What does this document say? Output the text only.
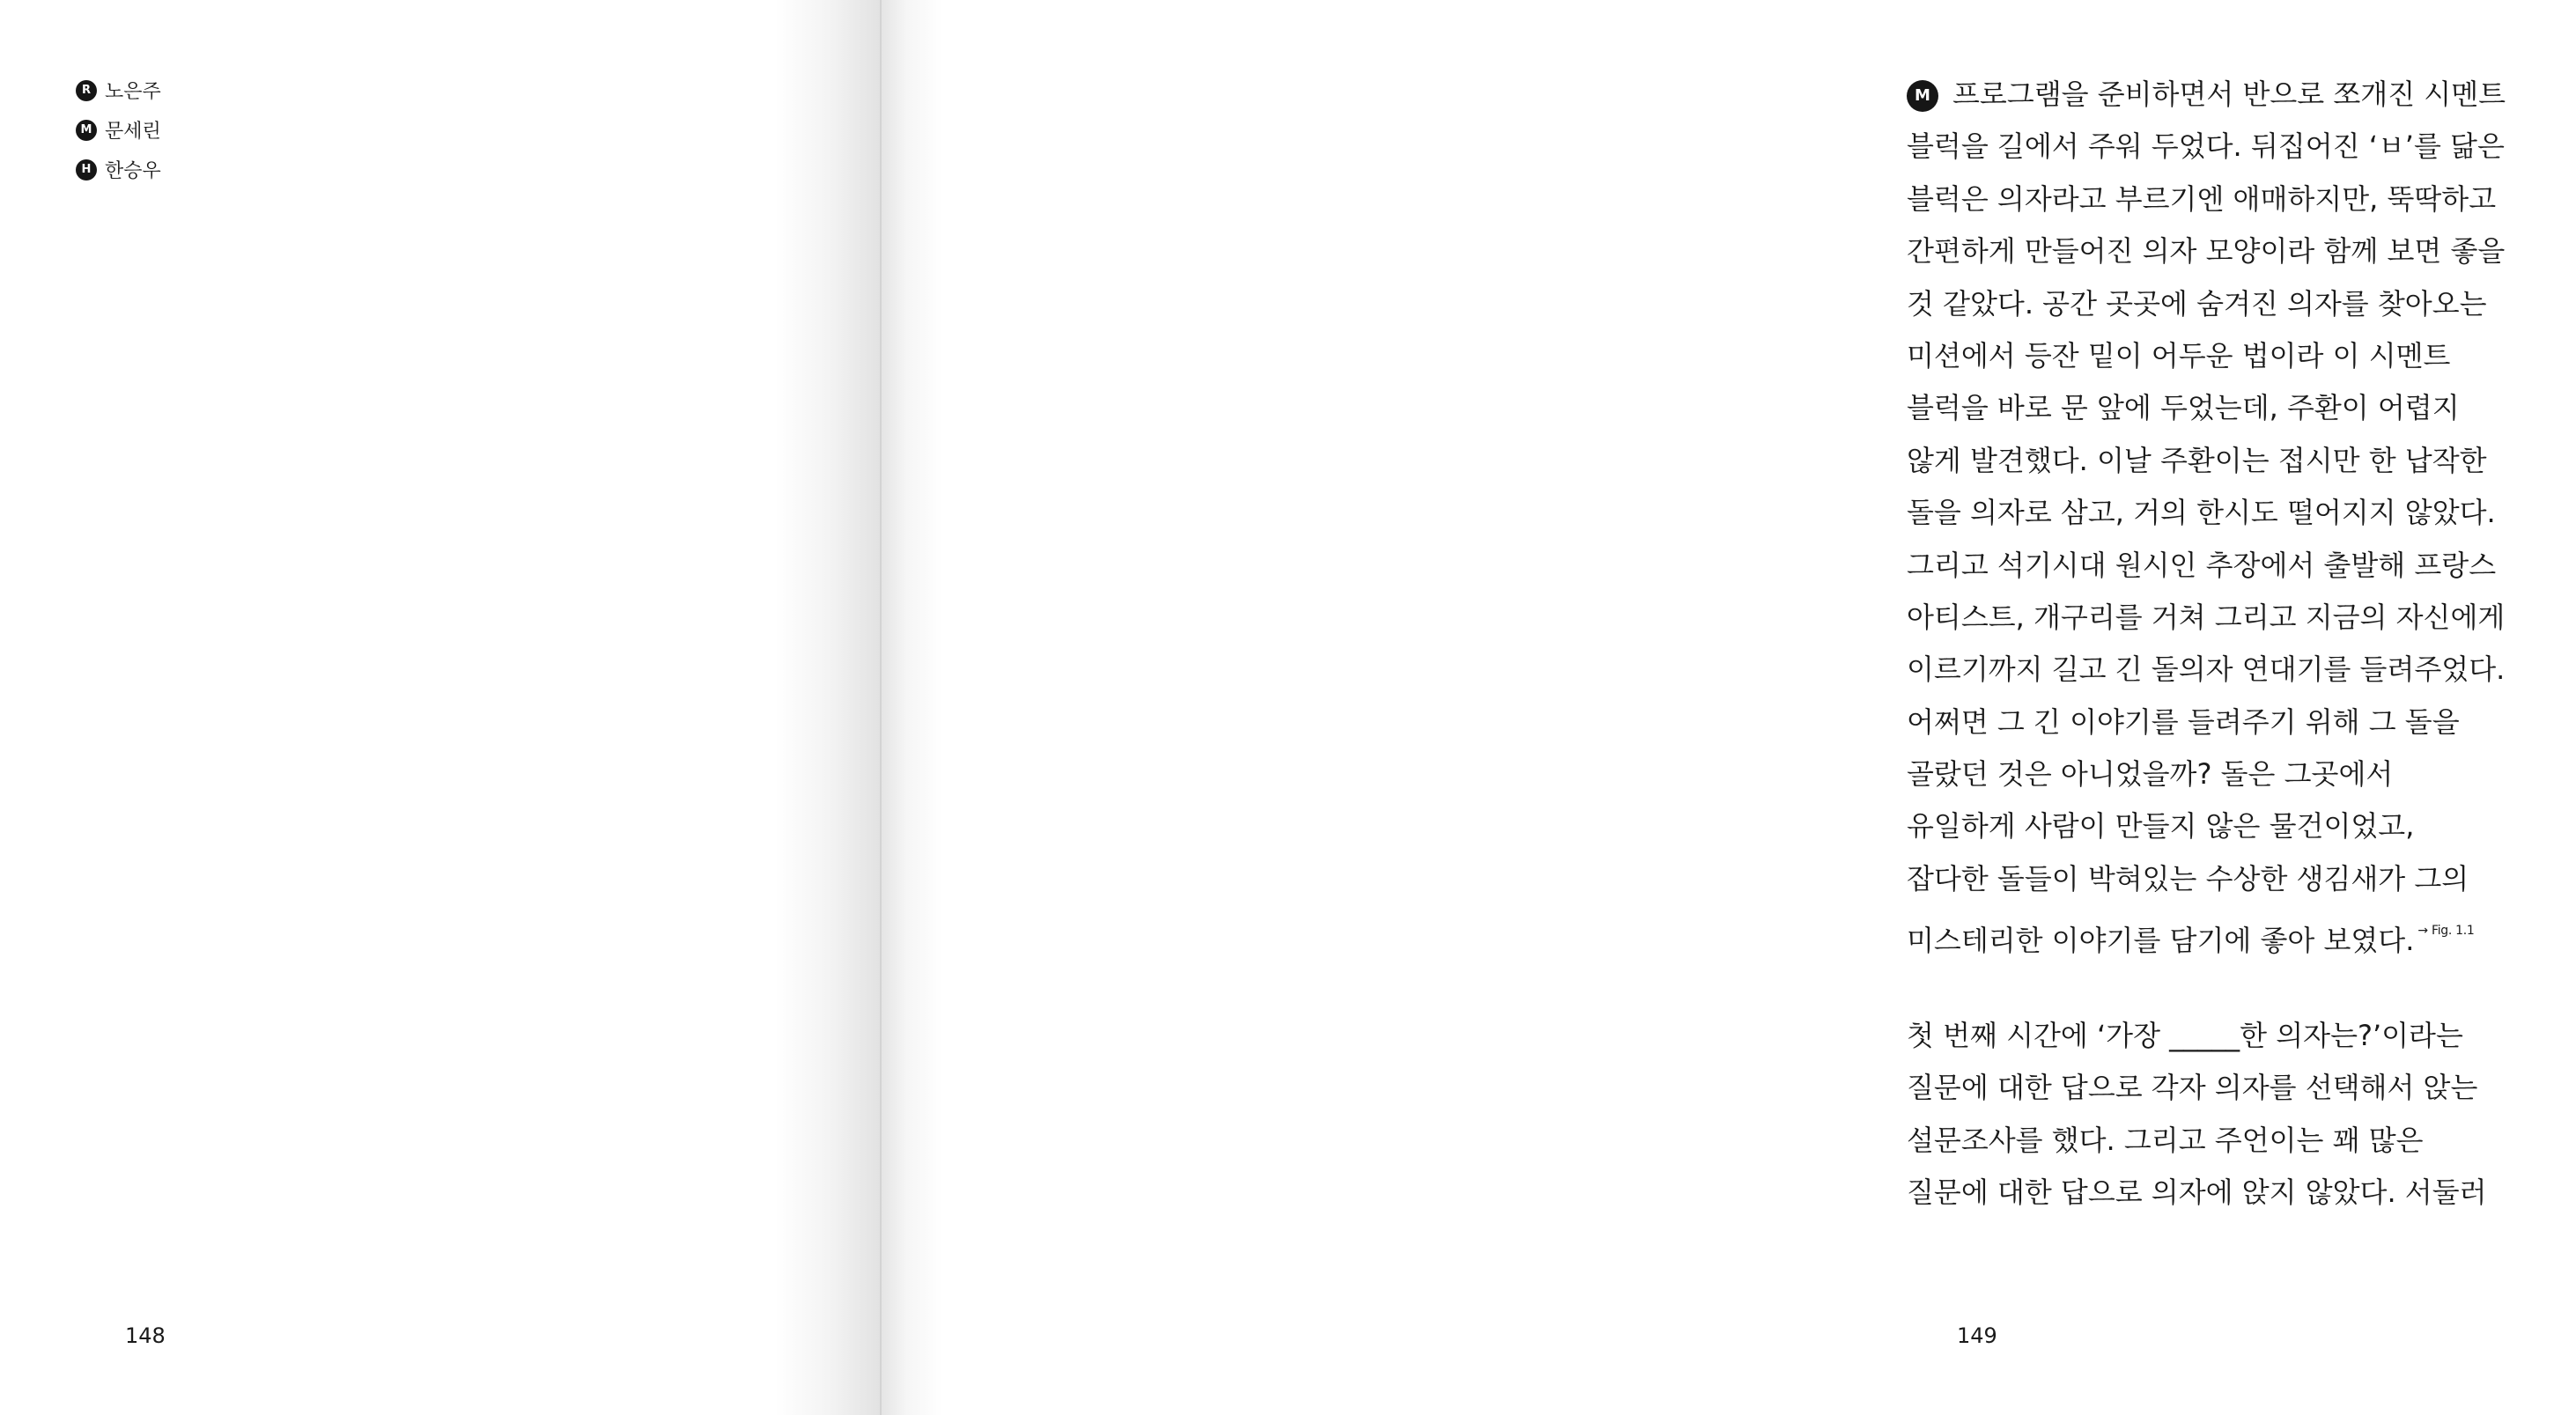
R 노은주
M 문세린
H 한승우
148
M 프로그램을 준비하면서 반으로 쪼개진 시멘트
블럭을 길에서 주워 두었다. 뒤집어진 ‘ㅂ’를 닮은
블럭은 의자라고 부르기엔 애매하지만, 뚝딱하고
간편하게 만들어진 의자 모양이라 함께 보면 좋을
것 같았다. 공간 곳곳에 숨겨진 의자를 찾아오는
미션에서 등잔 밑이 어두운 법이라 이 시멘트
블럭을 바로 문 앞에 두었는데, 주환이 어렵지
않게 발견했다. 이날 주환이는 접시만 한 납작한
돌을 의자로 삼고, 거의 한시도 떨어지지 않았다.
그리고 석기시대 원시인 추장에서 출발해 프랑스
아티스트, 개구리를 거쳐 그리고 지금의 자신에게
이르기까지 길고 긴 돌의자 연대기를 들려주었다.
어쩌면 그 긴 이야기를 들려주기 위해 그 돌을
골랐던 것은 아니었을까? 돌은 그곳에서
유일하게 사람이 만들지 않은 물건이었고,
잡다한 돌들이 박혀있는 수상한 생김새가 그의
미스테리한 이야기를 담기에 좋아 보였다. $^{\to Fig. 1.1}$
첫 번째 시간에 ‘가장 _____한 의자는?’이라는
질문에 대한 답으로 각자 의자를 선택해서 앉는
설문조사를 했다. 그리고 주언이는 꽤 많은
질문에 대한 답으로 의자에 앉지 않았다. 서둘러
149
